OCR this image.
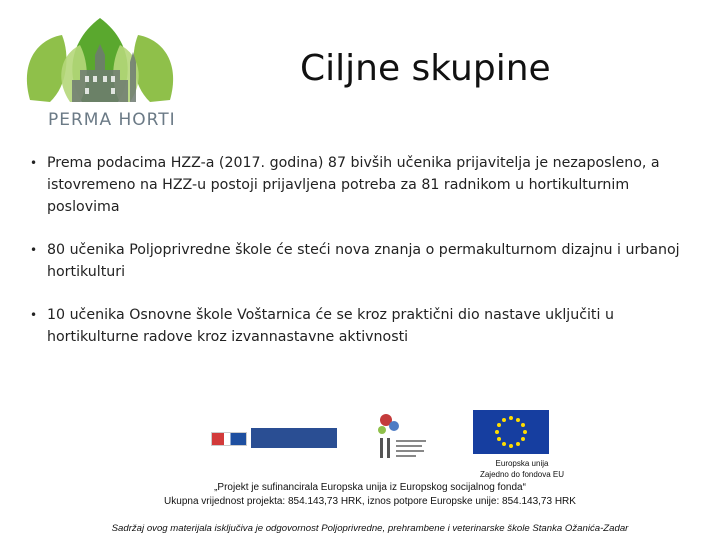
PERMA HORTI
Ciljne skupine
• Prema podacima HZZ-a (2017. godina) 87 bivših učenika prijavitelja je nezaposleno, a istovremeno na HZZ-u postoji prijavljena potreba za 81 radnikom u hortikulturnim poslovima
• 80 učenika Poljoprivredne škole će steći nova znanja o permakulturnom dizajnu i urbanoj hortikulturi
• 10 učenika Osnovne škole Voštarnica će se kroz praktični dio nastave uključiti u hortikulturne radove kroz izvannastavne aktivnosti
Europska unija
Zajedno do fondova EU
„Projekt je sufinancirala Europska unija iz Europskog socijalnog fonda“
Ukupna vrijednost projekta: 854.143,73 HRK, iznos potpore Europske unije: 854.143,73 HRK
Sadržaj ovog materijala isključiva je odgovornost Poljoprivredne, prehrambene i veterinarske škole Stanka Ožanića-Zadar
